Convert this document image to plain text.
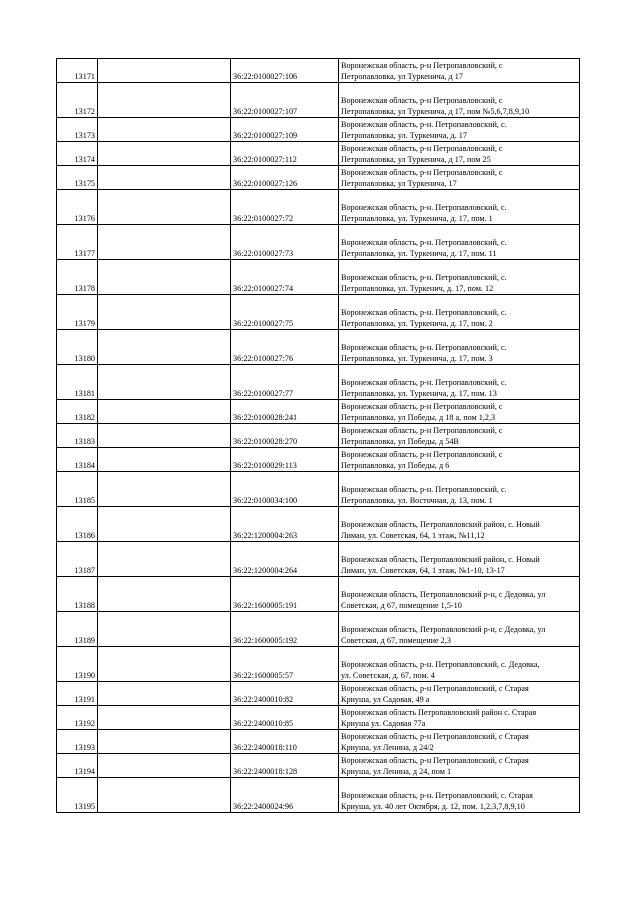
13171		36:22:0100027:106	Воронежская область, р-н Петропавловский, с
Петропавловка, ул Туркенича, д 17
13172		36:22:0100027:107	Воронежская область, р-н Петропавловский, с
Петропавловка, ул Туркенича, д 17, пом №5,6,7,8,9,10
13173		36:22:0100027:109	Воронежская область, р-н. Петропавловский, с.
Петропавловка, ул. Туркенича, д. 17
13174		36:22:0100027:112	Воронежская область, р-н Петропавловский, с
Петропавловка, ул Туркенича, д 17, пом 25
13175		36:22:0100027:126	Воронежская область, р-н Петропавловский, с
Петропавловка, ул Туркенича, 17
13176		36:22:0100027:72	Воронежская область, р-н. Петропавловский, с.
Петропавловка, ул. Туркенича, д. 17, пом. 1
13177		36:22:0100027:73	Воронежская область, р-н. Петропавловский, с.
Петропавловка, ул. Туркенича, д. 17, пом. 11
13178		36:22:0100027:74	Воронежская область, р-н. Петропавловский, с.
Петропавловка, ул. Туркенич, д. 17, пом. 12
13179		36:22:0100027:75	Воронежская область, р-н. Петропавловский, с.
Петропавловка, ул. Туркенича, д. 17, пом. 2
13180		36:22:0100027:76	Воронежская область, р-н. Петропавловский, с.
Петропавловка, ул. Туркенича, д. 17, пом. 3
13181		36:22:0100027:77	Воронежская область, р-н. Петропавловский, с.
Петропавловка, ул. Туркенича, д. 17, пом. 13
13182		36:22:0100028:241	Воронежская область, р-н Петропавловский, с
Петропавловка, ул Победы, д 18 а, пом 1,2,3
13183		36:22:0100028:270	Воронежская область, р-н Петропавловский, с
Петропавловка, ул Победы, д 54В
13184		36:22:0100029:113	Воронежская область, р-н Петропавловский, с
Петропавловка, ул Победы, д 6
13185		36:22:0100034:100	Воронежская область, р-н. Петропавловский, с.
Петропавловка, ул. Восточная, д. 13, пом. 1
13186		36:22:1200004:263	Воронежская область, Петропавловский район, с. Новый
Лиман, ул. Советская, 64, 1 этаж, №11,12
13187		36:22:1200004:264	Воронежская область, Петропавловский район, с. Новый
Лиман, ул. Советская, 64, 1 этаж, №1-10, 13-17
13188		36:22:1600005:191	Воронежская область, Петропавловский р-н, с Дедовка, ул
Советская, д 67, помещение 1,5-10
13189		36:22:1600005:192	Воронежская область, Петропавловский р-н, с Дедовка, ул
Советская, д 67, помещение 2,3
13190		36:22:1600005:57	Воронежская область, р-н. Петропавловский, с. Дедовка,
ул. Советская, д. 67, пом. 4
13191		36:22:2400010:82	Воронежская область, р-н Петропавловский, с Старая
Криуша, ул Садовая, 49 а
13192		36:22:2400010:85	Воронежская область Петропавловский район с. Старая
Криуша ул. Садовая 77а
13193		36:22:2400018:110	Воронежская область, р-н Петропавловский, с Старая
Криуша, ул Ленина, д 24/2
13194		36:22:2400018:128	Воронежская область, р-н Петропавловский, с Старая
Криуша, ул Ленина, д 24, пом 1
13195		36:22:2400024:96	Воронежская область, р-н. Петропавловский, с. Старая
Криуша, ул. 40 лет Октября, д. 12, пом. 1,2,3,7,8,9,10
